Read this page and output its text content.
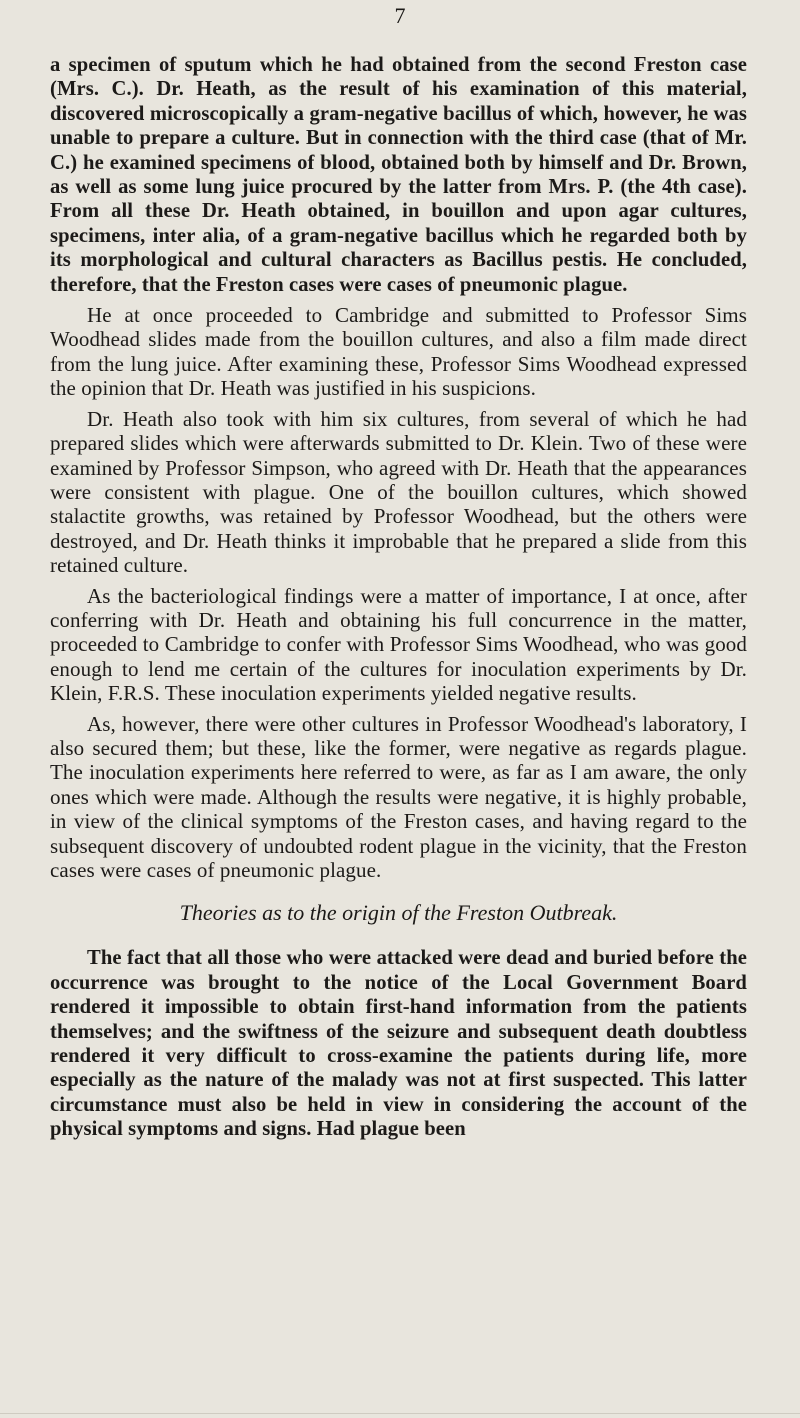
7

a specimen of sputum which he had obtained from the second Freston case (Mrs. C.). Dr. Heath, as the result of his examination of this material, discovered microscopically a gram-negative bacillus of which, however, he was unable to prepare a culture. But in connection with the third case (that of Mr. C.) he examined specimens of blood, obtained both by himself and Dr. Brown, as well as some lung juice procured by the latter from Mrs. P. (the 4th case). From all these Dr. Heath obtained, in bouillon and upon agar cultures, specimens, inter alia, of a gram-negative bacillus which he regarded both by its morphological and cultural characters as Bacillus pestis. He concluded, therefore, that the Freston cases were cases of pneumonic plague.

He at once proceeded to Cambridge and submitted to Professor Sims Woodhead slides made from the bouillon cultures, and also a film made direct from the lung juice. After examining these, Professor Sims Woodhead expressed the opinion that Dr. Heath was justified in his suspicions.

Dr. Heath also took with him six cultures, from several of which he had prepared slides which were afterwards submitted to Dr. Klein. Two of these were examined by Professor Simpson, who agreed with Dr. Heath that the appearances were consistent with plague. One of the bouillon cultures, which showed stalactite growths, was retained by Professor Woodhead, but the others were destroyed, and Dr. Heath thinks it improbable that he prepared a slide from this retained culture.

As the bacteriological findings were a matter of importance, I at once, after conferring with Dr. Heath and obtaining his full concurrence in the matter, proceeded to Cambridge to confer with Professor Sims Woodhead, who was good enough to lend me certain of the cultures for inoculation experiments by Dr. Klein, F.R.S. These inoculation experiments yielded negative results.

As, however, there were other cultures in Professor Woodhead's laboratory, I also secured them; but these, like the former, were negative as regards plague. The inoculation experiments here referred to were, as far as I am aware, the only ones which were made. Although the results were negative, it is highly probable, in view of the clinical symptoms of the Freston cases, and having regard to the subsequent discovery of undoubted rodent plague in the vicinity, that the Freston cases were cases of pneumonic plague.

Theories as to the origin of the Freston Outbreak.

The fact that all those who were attacked were dead and buried before the occurrence was brought to the notice of the Local Government Board rendered it impossible to obtain first-hand information from the patients themselves; and the swiftness of the seizure and subsequent death doubtless rendered it very difficult to cross-examine the patients during life, more especially as the nature of the malady was not at first suspected. This latter circumstance must also be held in view in considering the account of the physical symptoms and signs. Had plague been
